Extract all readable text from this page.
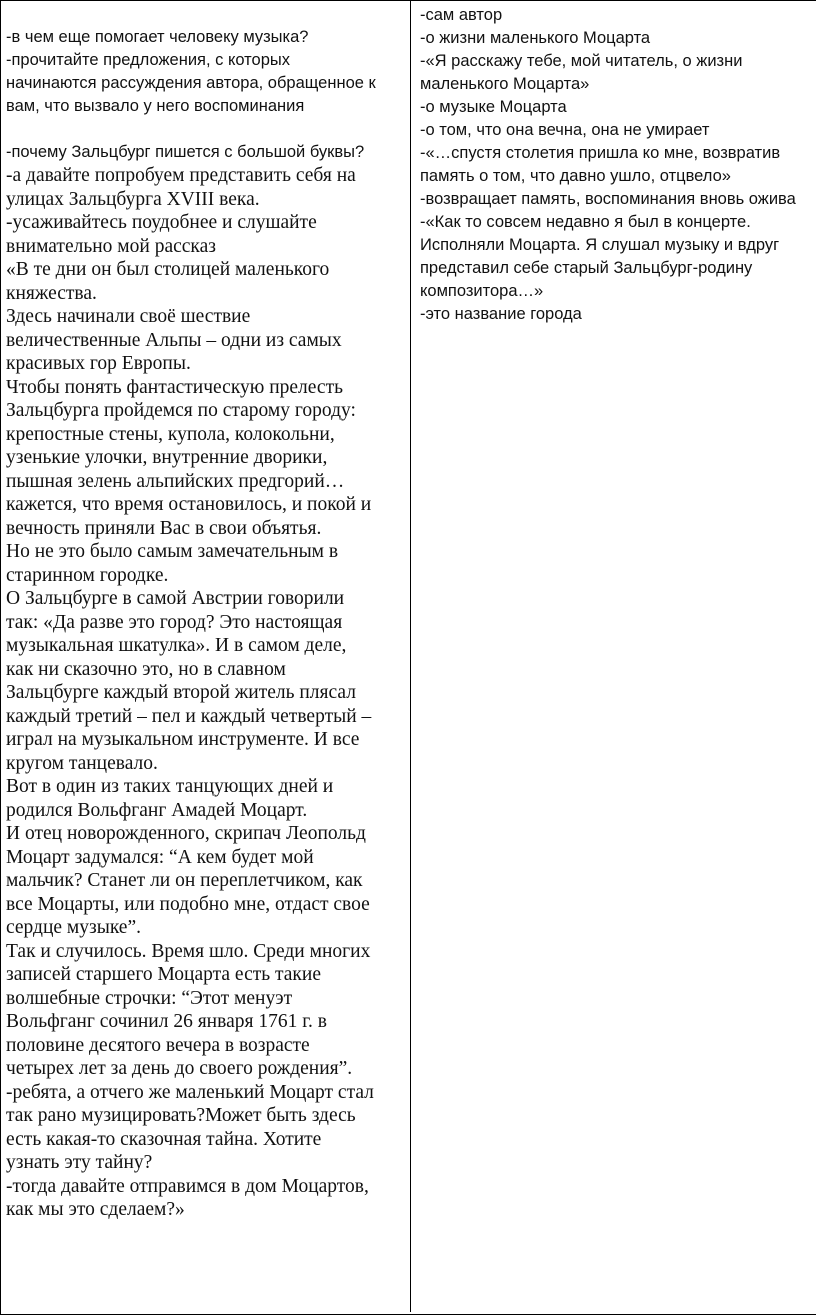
-в чем еще помогает человеку музыка?
-прочитайте предложения, с которых
начинаются рассуждения автора, обращенное к
вам, что вызвало у него воспоминания
-почему Зальцбург пишется с большой буквы?
-а давайте попробуем представить себя на
улицах Зальцбурга XVIII века.
-усаживайтесь поудобнее и слушайте
внимательно мой рассказ
«В те дни он был столицей маленького
княжества.
Здесь начинали своё шествие
величественные Альпы – одни из самых
красивых гор Европы.
Чтобы понять фантастическую прелесть
Зальцбурга пройдемся по старому городу:
крепостные стены, купола, колокольни,
узенькие улочки, внутренние дворики,
пышная зелень альпийских предгорий…
кажется, что время остановилось, и покой и
вечность приняли Вас в свои объятья.
Но не это было самым замечательным в
старинном городке.
О Зальцбурге в самой Австрии говорили
так: «Да разве это город? Это настоящая
музыкальная шкатулка». И в самом деле,
как ни сказочно это, но в славном
Зальцбурге каждый второй житель плясал
каждый третий – пел и каждый четвертый –
играл на музыкальном инструменте. И все
кругом танцевало.
Вот в один из таких танцующих дней и
родился Вольфганг Амадей Моцарт.
И отец новорожденного, скрипач Леопольд
Моцарт задумался: “А кем будет мой
мальчик? Станет ли он переплетчиком, как
все Моцарты, или подобно мне, отдаст свое
сердце музыке”.
Так и случилось. Время шло. Среди многих
записей старшего Моцарта есть такие
волшебные строчки: “Этот менуэт
Вольфганг сочинил 26 января 1761 г. в
половине десятого вечера в возрасте
четырех лет за день до своего рождения”.
-ребята, а отчего же маленький Моцарт стал
так рано музицировать?Может быть здесь
есть какая-то сказочная тайна. Хотите
узнать эту тайну?
-тогда давайте отправимся в дом Моцартов,
как мы это сделаем?»
-сам автор
-о жизни маленького Моцарта
-«Я расскажу тебе, мой читатель, о жизни
маленького Моцарта»
-о музыке Моцарта
-о том, что она вечна, она не умирает
-«…спустя столетия пришла ко мне, возвратив
память о том, что давно ушло, отцвело»
-возвращает память, воспоминания вновь ожива
-«Как то совсем недавно я был в концерте.
Исполняли Моцарта. Я слушал музыку и вдруг
представил себе старый Зальцбург-родину
композитора…»
-это название города
